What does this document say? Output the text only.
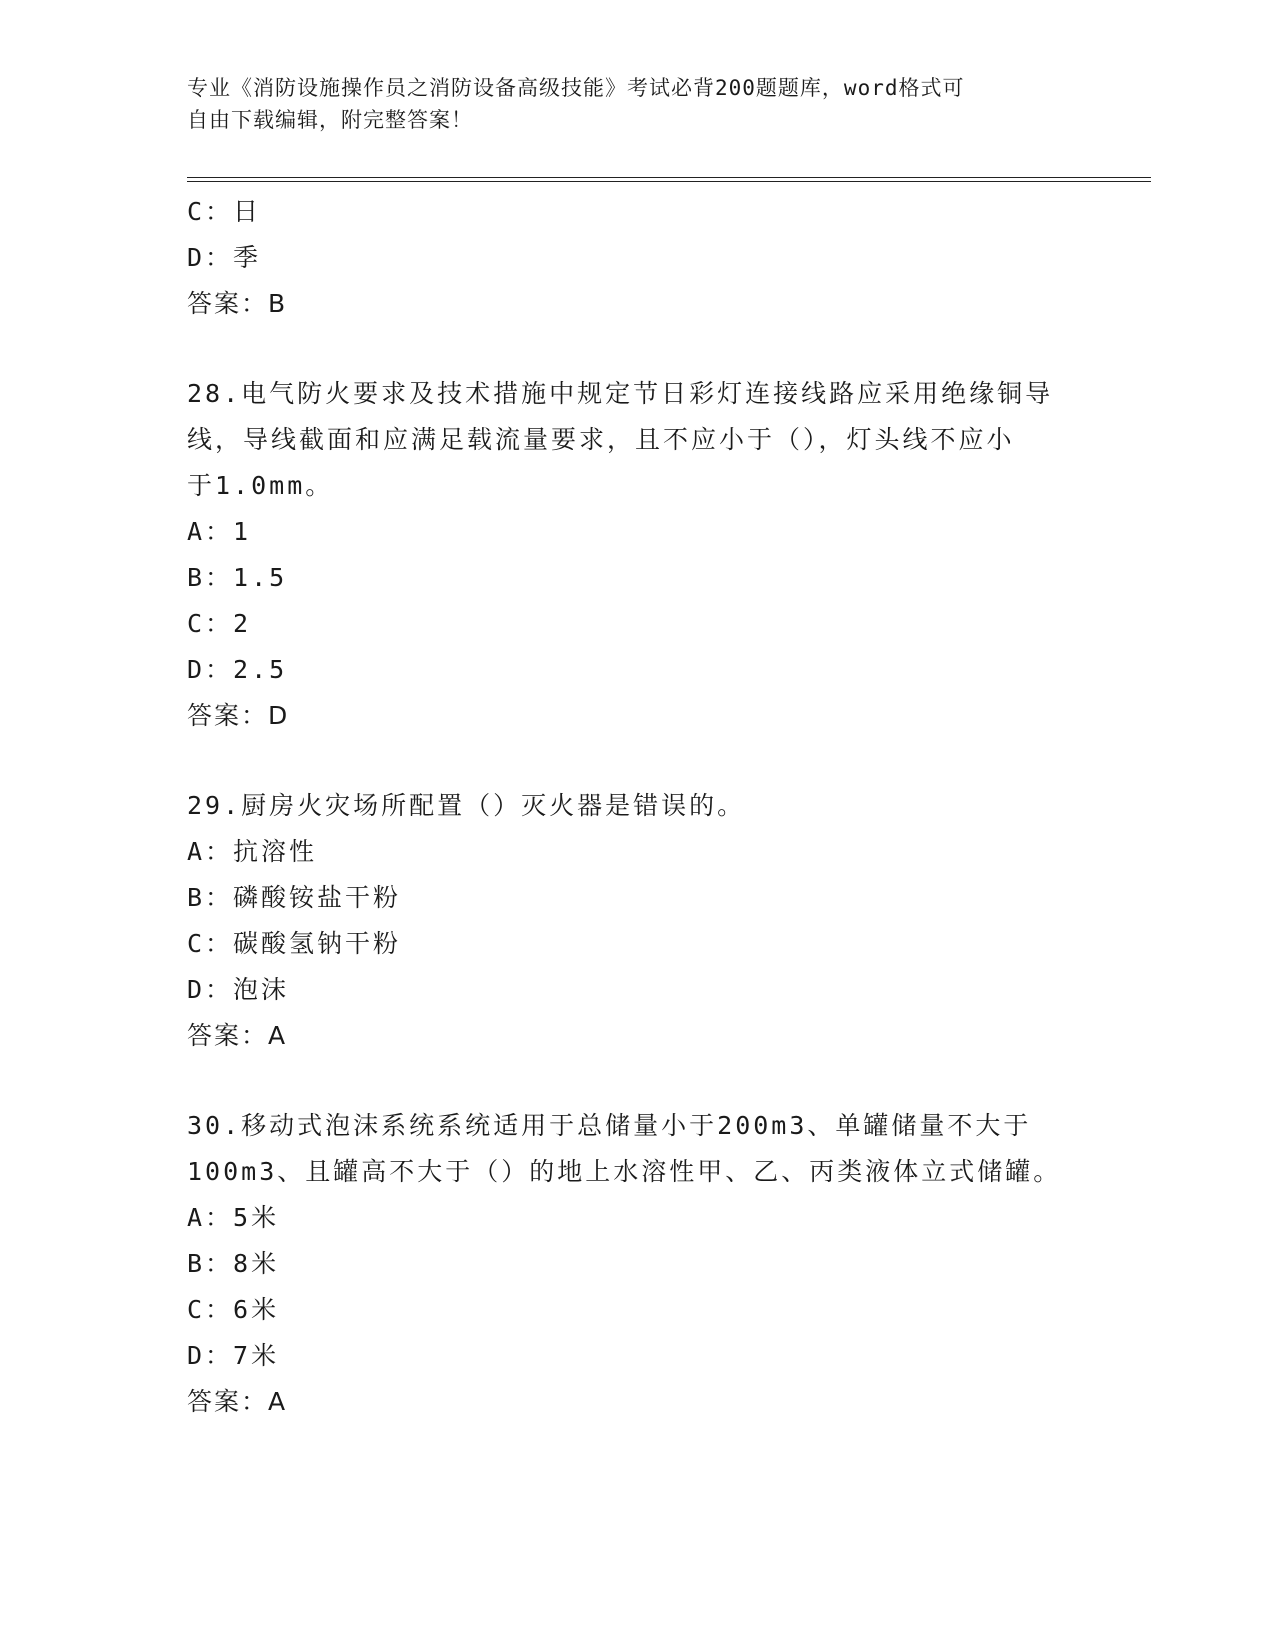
专业《消防设施操作员之消防设备高级技能》考试必背200题题库，word格式可
自由下载编辑，附完整答案！
C：日
D：季
答案：B
28.电气防火要求及技术措施中规定节日彩灯连接线路应采用绝缘铜导
线，导线截面和应满足载流量要求，且不应小于（），灯头线不应小
于1.0mm。
A：1
B：1.5
C：2
D：2.5
答案：D
29.厨房火灾场所配置（）灭火器是错误的。
A：抗溶性
B：磷酸铵盐干粉
C：碳酸氢钠干粉
D：泡沫
答案：A
30.移动式泡沫系统系统适用于总储量小于200m3、单罐储量不大于
100m3、且罐高不大于（）的地上水溶性甲、乙、丙类液体立式储罐。
A：5米
B：8米
C：6米
D：7米
答案：A
